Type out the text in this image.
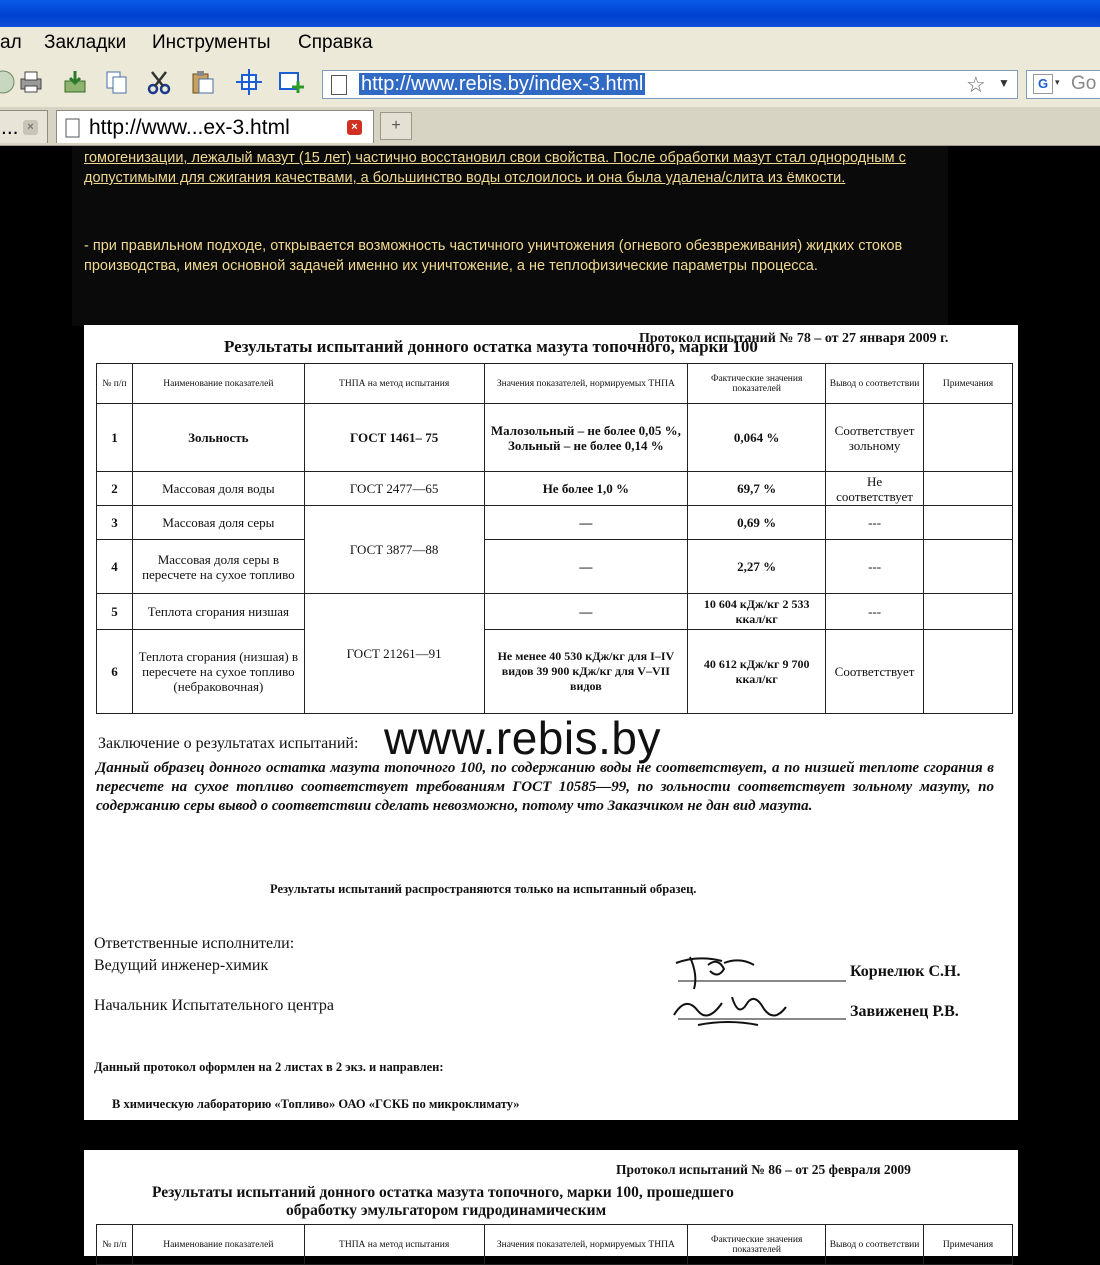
ал Закладки Инструменты Справка
http://www.rebis.by/index-3.html	☆ ▼	G ▾ Go
... ×	http://www...ex-3.html	×	+
гомогенизации, лежалый мазут (15 лет) частично восстановил свои свойства. После обработки мазут стал однородным с допустимыми для сжигания качествами, а большинство воды отслоилось и она была удалена/слита из ёмкости.
- при правильном подходе, открывается возможность частичного уничтожения (огневого обезвреживания) жидких стоков производства, имея основной задачей именно их уничтожение, а не теплофизические параметры процесса.
Протокол испытаний № 78 – от 27 января 2009 г.
Результаты испытаний донного остатка мазута топочного, марки 100
№ п/п	Наименование показателей	ТНПА на метод испытания	Значения показателей, нормируемых ТНПА	Фактические значения показателей	Вывод о соответствии	Примечания
1	Зольность	ГОСТ 1461– 75	Малозольный – не более 0,05 %, Зольный – не более 0,14 %	0,064 %	Соответствует зольному	
2	Массовая доля воды	ГОСТ 2477—65	Не более 1,0 %	69,7 %	Не соответствует	
3	Массовая доля серы	ГОСТ 3877—88	—	0,69 %	---	
4	Массовая доля серы в пересчете на сухое топливо		—	2,27 %	---	
5	Теплота сгорания низшая	ГОСТ 21261—91	—	10 604 кДж/кг 2 533 ккал/кг	---	
6	Теплота сгорания (низшая) в пересчете на сухое топливо (небраковочная)		Не менее 40 530 кДж/кг для I–IV видов 39 900 кДж/кг для V–VII видов	40 612 кДж/кг 9 700 ккал/кг	Соответствует	
www.rebis.by
Заключение о результатах испытаний:
Данный образец донного остатка мазута топочного 100, по содержанию воды не соответствует, а по низшей теплоте сгорания в пересчете на сухое топливо соответствует требованиям ГОСТ 10585—99, по зольности соответствует зольному мазуту, по содержанию серы вывод о соответствии сделать невозможно, потому что Заказчиком не дан вид мазута.
Результаты испытаний распространяются только на испытанный образец.
Ответственные исполнители:
Ведущий инженер-химик
Начальник Испытательного центра
Корнелюк С.Н.
Завиженец Р.В.
Данный протокол оформлен на 2 листах в 2 экз. и направлен:
В химическую лабораторию «Топливо» ОАО «ГСКБ по микроклимату»
Протокол испытаний № 86 – от 25 февраля 2009
Результаты испытаний донного остатка мазута топочного, марки 100, прошедшего
обработку эмульгатором гидродинамическим
№ п/п	Наименование показателей	ТНПА на метод испытания	Значения показателей, нормируемых ТНПА	Фактические значения показателей	Вывод о соответствии	Примечания
